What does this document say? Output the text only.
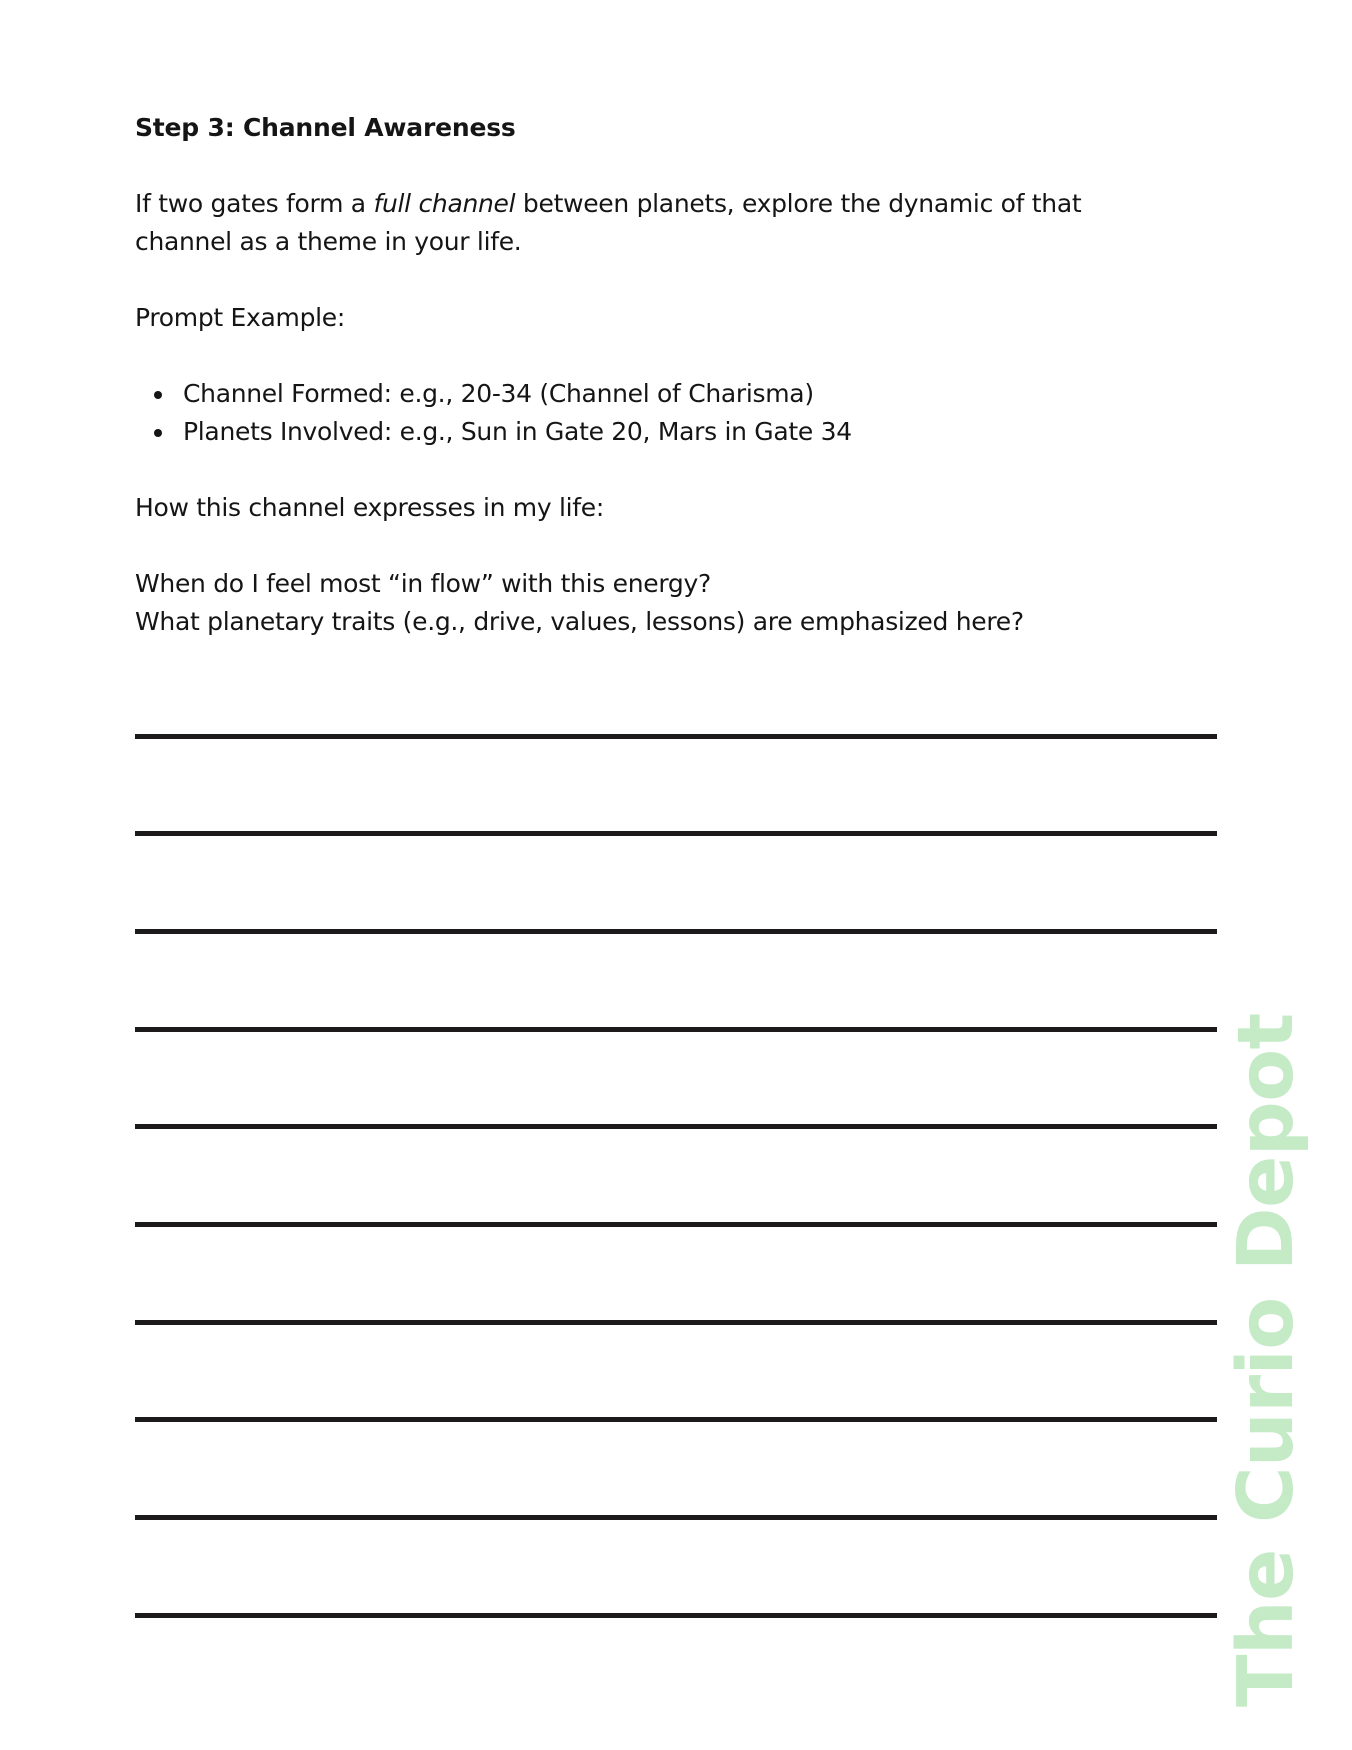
Step 3: Channel Awareness
If two gates form a full channel between planets, explore the dynamic of that
channel as a theme in your life.
Prompt Example:
Channel Formed: e.g., 20-34 (Channel of Charisma)
Planets Involved: e.g., Sun in Gate 20, Mars in Gate 34
How this channel expresses in my life:
When do I feel most “in flow” with this energy?
What planetary traits (e.g., drive, values, lessons) are emphasized here?
The Curio Depot
